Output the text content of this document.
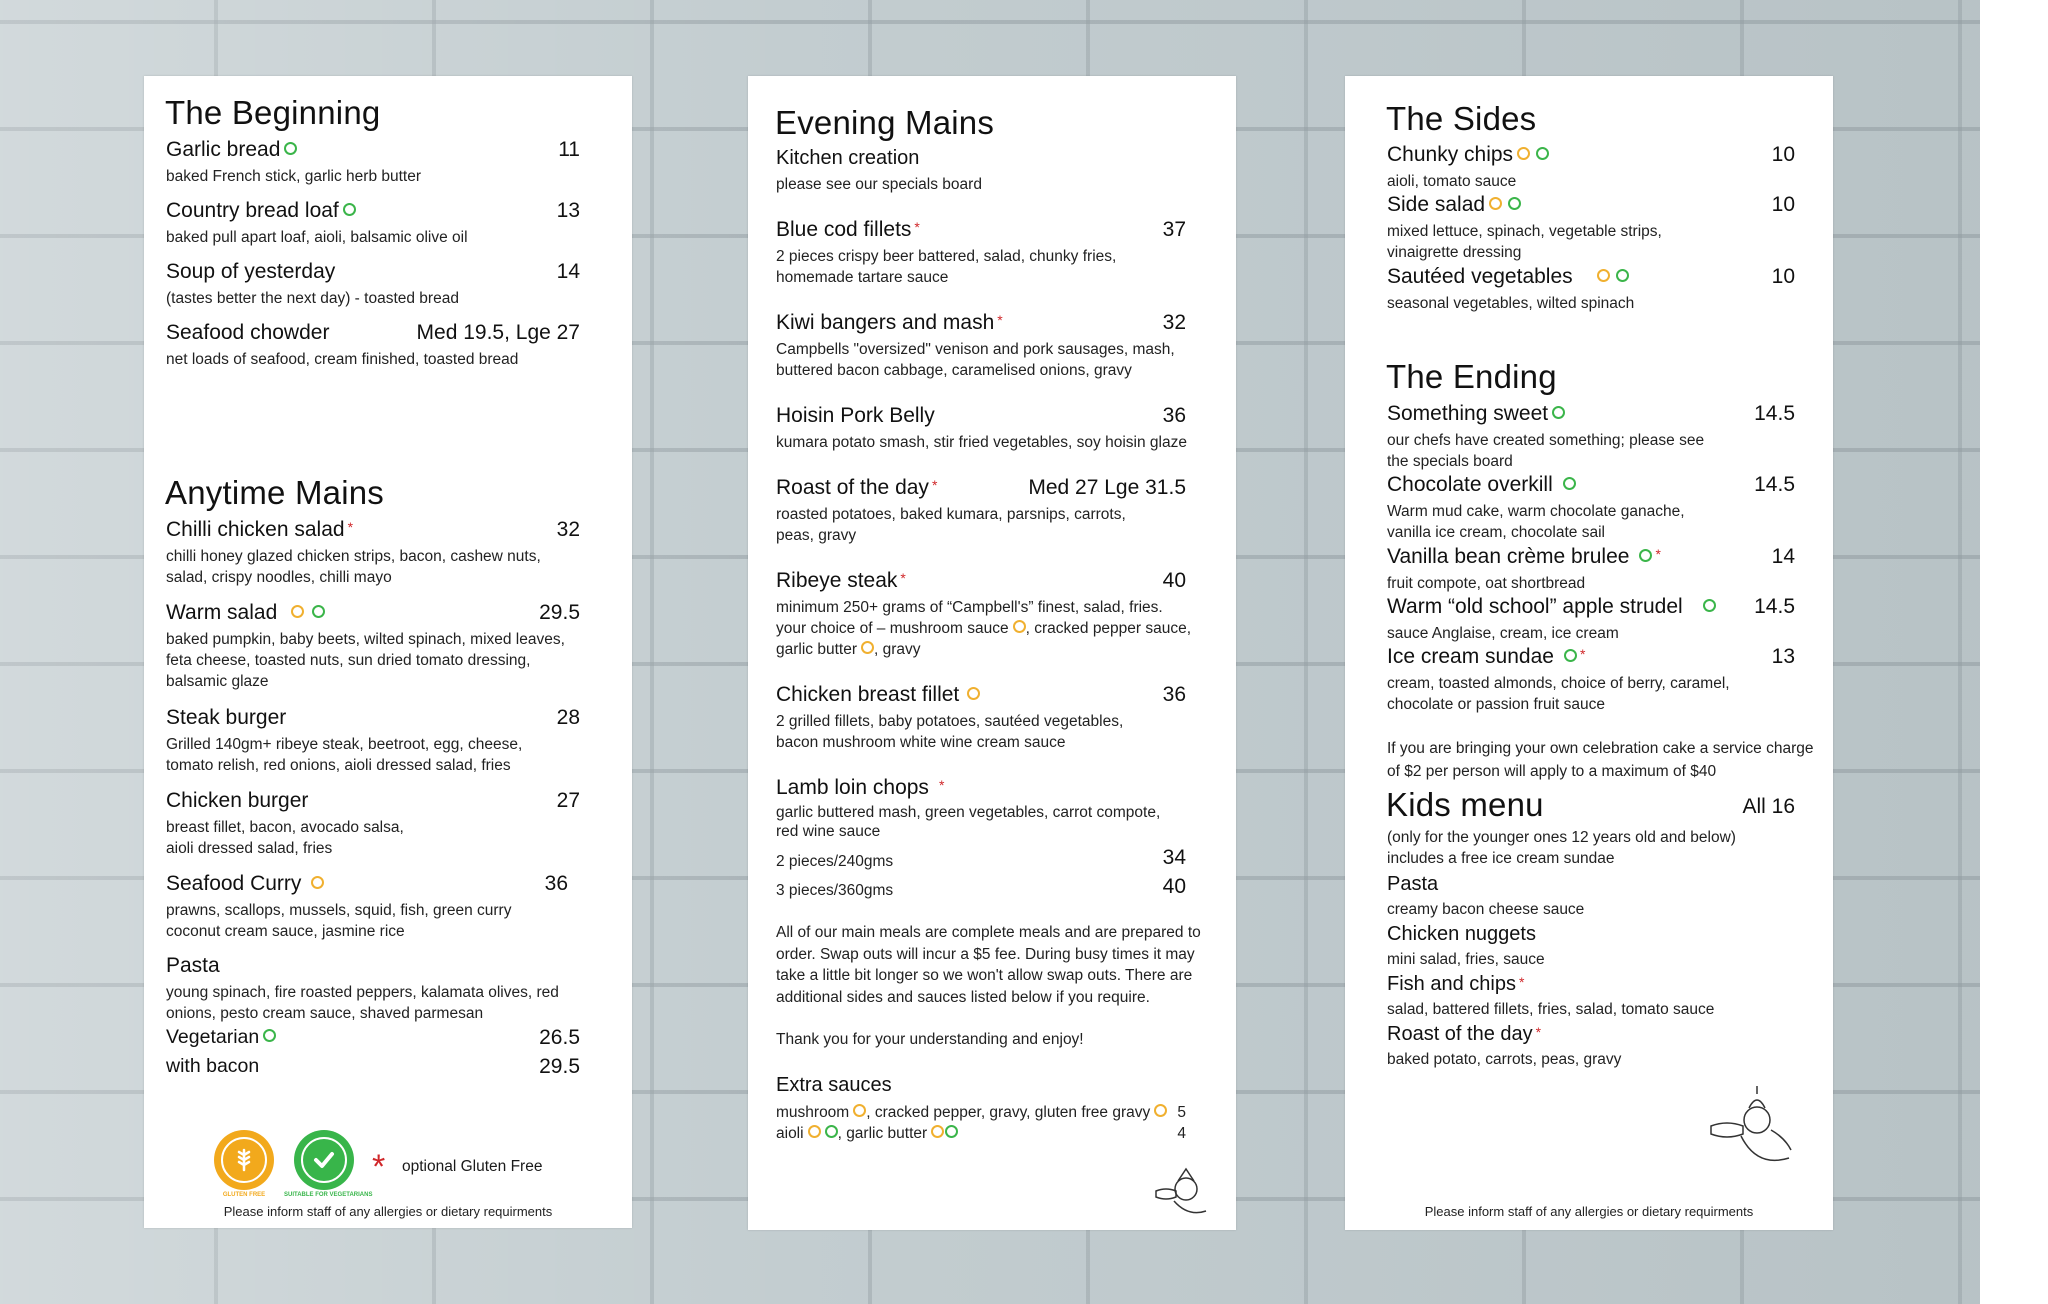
The Beginning
Garlic bread	11
baked French stick, garlic herb butter
Country bread loaf	13
baked pull apart loaf, aioli, balsamic olive oil
Soup of yesterday	14
(tastes better the next day) - toasted bread
Seafood chowder	Med 19.5, Lge 27
net loads of seafood, cream finished, toasted bread
Anytime Mains
Chilli chicken salad *	32
chilli honey glazed chicken strips, bacon, cashew nuts, salad, crispy noodles, chilli mayo
Warm salad	29.5
baked pumpkin, baby beets, wilted spinach, mixed leaves, feta cheese, toasted nuts, sun dried tomato dressing, balsamic glaze
Steak burger	28
Grilled 140gm+ ribeye steak, beetroot, egg, cheese, tomato relish, red onions, aioli dressed salad, fries
Chicken burger	27
breast fillet, bacon, avocado salsa, aioli dressed salad, fries
Seafood Curry	36
prawns, scallops, mussels, squid, fish, green curry coconut cream sauce, jasmine rice
Pasta
young spinach, fire roasted peppers, kalamata olives, red onions, pesto cream sauce, shaved parmesan
Vegetarian	26.5
with bacon	29.5
GLUTEN FREE	SUITABLE FOR VEGETARIANS
* optional Gluten Free
Please inform staff of any allergies or dietary requirments
Evening Mains
Kitchen creation
please see our specials board
Blue cod fillets *	37
2 pieces crispy beer battered, salad, chunky fries, homemade tartare sauce
Kiwi bangers and mash *	32
Campbells "oversized" venison and pork sausages, mash, buttered bacon cabbage, caramelised onions, gravy
Hoisin Pork Belly	36
kumara potato smash, stir fried vegetables, soy hoisin glaze
Roast of the day *	Med 27 Lge 31.5
roasted potatoes, baked kumara, parsnips, carrots, peas, gravy
Ribeye steak *	40
minimum 250+ grams of “Campbell's” finest, salad, fries.
your choice of – mushroom sauce , cracked pepper sauce,
garlic butter , gravy
Chicken breast fillet	36
2 grilled fillets, baby potatoes, sautéed vegetables, bacon mushroom white wine cream sauce
Lamb loin chops *
garlic buttered mash, green vegetables, carrot compote, red wine sauce
2 pieces/240gms	34
3 pieces/360gms	40
All of our main meals are complete meals and are prepared to order. Swap outs will incur a $5 fee. During busy times it may take a little bit longer so we won't allow swap outs. There are additional sides and sauces listed below if you require.
Thank you for your understanding and enjoy!
Extra sauces
mushroom , cracked pepper, gravy, gluten free gravy	5
aioli , garlic butter	4
The Sides
Chunky chips	10
aioli, tomato sauce
Side salad	10
mixed lettuce, spinach, vegetable strips, vinaigrette dressing
Sautéed vegetables	10
seasonal vegetables, wilted spinach
The Ending
Something sweet	14.5
our chefs have created something; please see the specials board
Chocolate overkill	14.5
Warm mud cake, warm chocolate ganache, vanilla ice cream, chocolate sail
Vanilla bean crème brulee *	14
fruit compote, oat shortbread
Warm “old school” apple strudel	14.5
sauce Anglaise, cream, ice cream
Ice cream sundae *	13
cream, toasted almonds, choice of berry, caramel, chocolate or passion fruit sauce
If you are bringing your own celebration cake a service charge of $2 per person will apply to a maximum of $40
Kids menu	All 16
(only for the younger ones 12 years old and below) includes a free ice cream sundae
Pasta
creamy bacon cheese sauce
Chicken nuggets
mini salad, fries, sauce
Fish and chips *
salad, battered fillets, fries, salad, tomato sauce
Roast of the day *
baked potato, carrots, peas, gravy
Please inform staff of any allergies or dietary requirments
